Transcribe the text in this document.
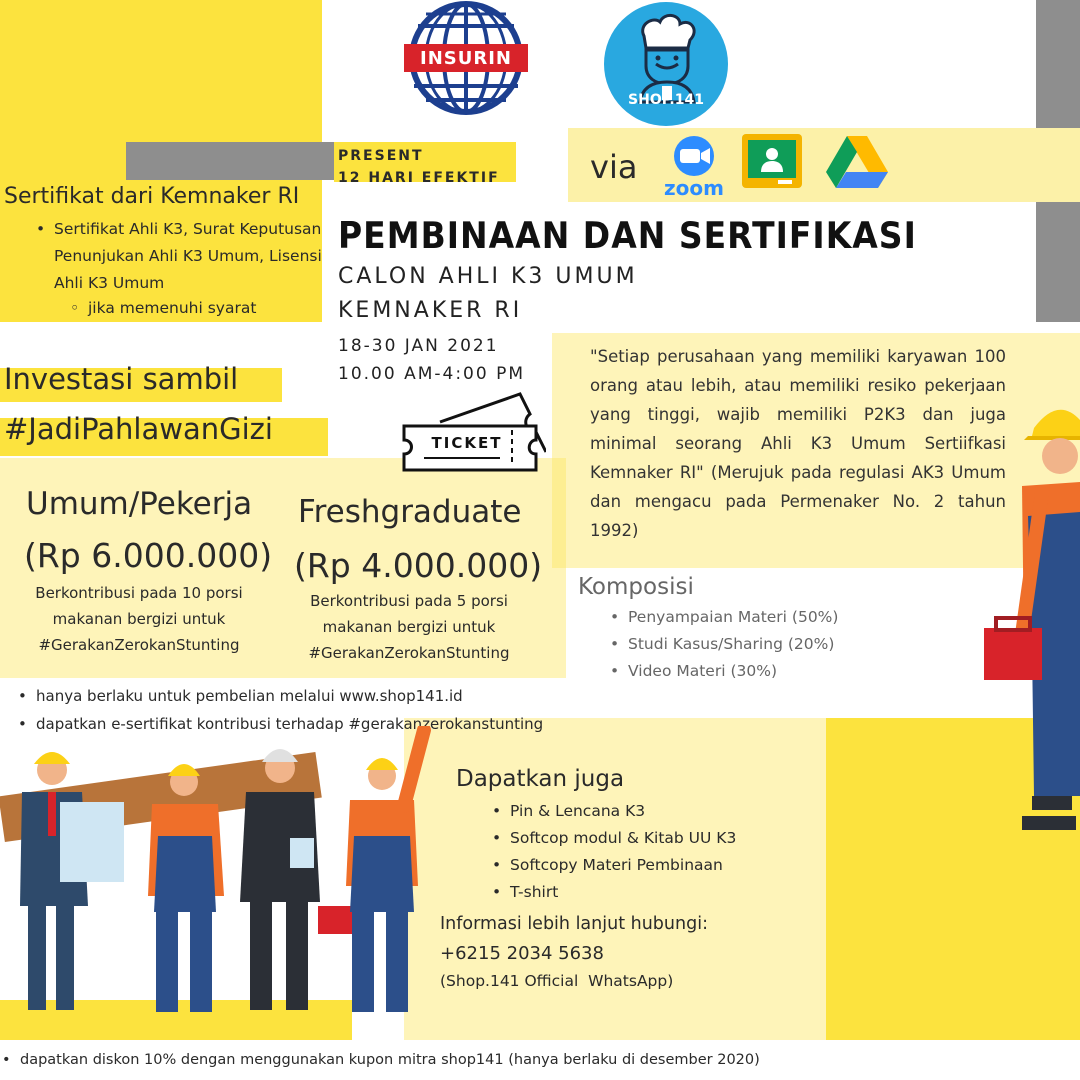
INSURIN
SHOP.141
PRESENT
12 HARI EFEKTIF	via
zoom
PEMBINAAN DAN SERTIFIKASI
CALON AHLI K3 UMUM
KEMNAKER RI
18-30 JAN 2021
10.00 AM-4:00 PM
TICKET
Sertifikat dari Kemnaker RI
• Sertifikat Ahli K3, Surat Keputusan Penunjukan Ahli K3 Umum, Lisensi Ahli K3 Umum
◦ jika memenuhi syarat
Investasi sambil
#JadiPahlawanGizi
Umum/Pekerja
(Rp 6.000.000)
Berkontribusi pada 10 porsi
makanan bergizi untuk
#GerakanZerokanStunting
Freshgraduate
(Rp 4.000.000)
Berkontribusi pada 5 porsi
makanan bergizi untuk
#GerakanZerokanStunting
"Setiap perusahaan yang memiliki karyawan 100 orang atau lebih, atau memiliki resiko pekerjaan yang tinggi, wajib memiliki P2K3 dan juga minimal seorang Ahli K3 Umum Sertiifkasi Kemnaker RI" (Merujuk pada regulasi AK3 Umum dan mengacu pada Permenaker No. 2 tahun 1992)
Komposisi
• Penyampaian Materi (50%)
• Studi Kasus/Sharing (20%)
• Video Materi (30%)
• hanya berlaku untuk pembelian melalui www.shop141.id
• dapatkan e-sertifikat kontribusi terhadap #gerakanzerokanstunting
Dapatkan juga
• Pin & Lencana K3
• Softcop modul & Kitab UU K3
• Softcopy Materi Pembinaan
• T-shirt
Informasi lebih lanjut hubungi:
+6215 2034 5638
(Shop.141 Official  WhatsApp)
• dapatkan diskon 10% dengan menggunakan kupon mitra shop141 (hanya berlaku di desember 2020)
